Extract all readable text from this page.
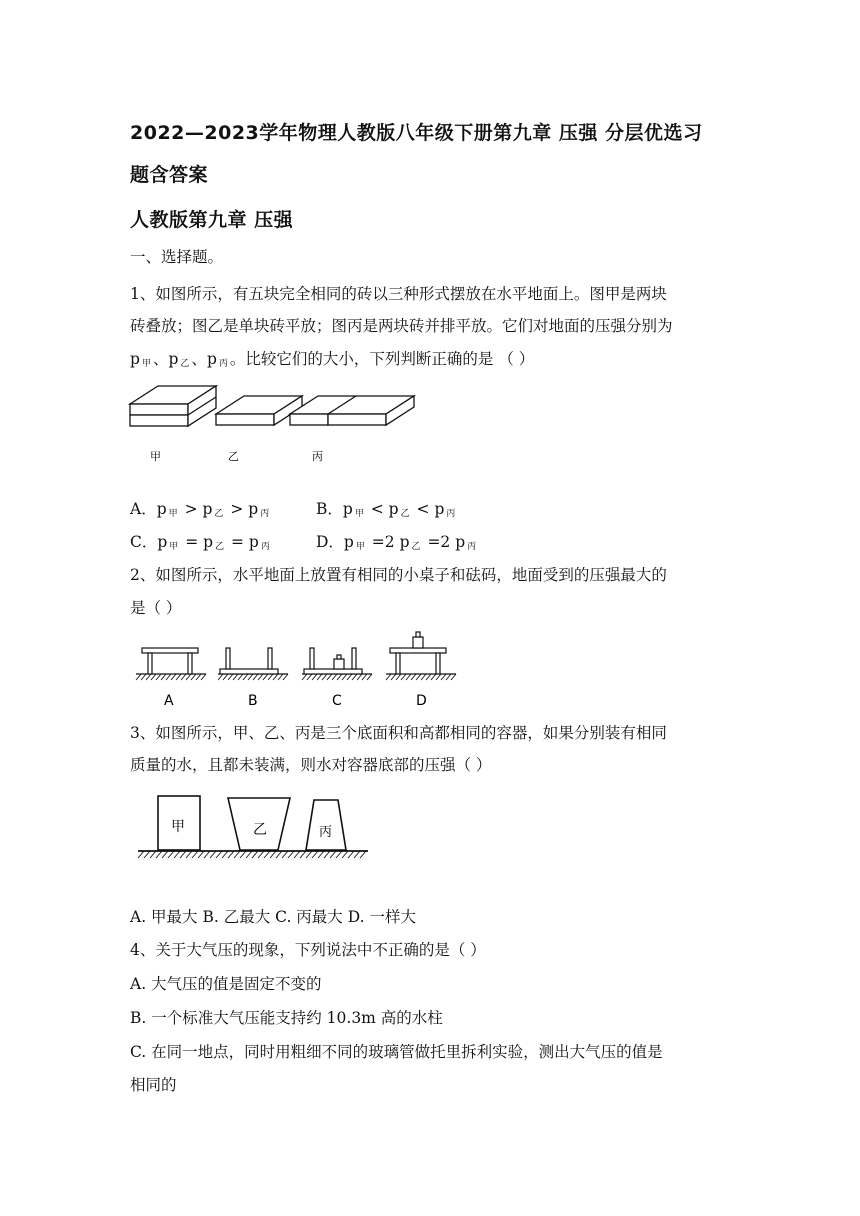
2022—2023学年物理人教版八年级下册第九章 压强 分层优选习
题含答案
人教版第九章 压强
一、选择题。
1、如图所示，有五块完全相同的砖以三种形式摆放在水平地面上。图甲是两块
砖叠放；图乙是单块砖平放；图丙是两块砖并排平放。它们对地面的压强分别为
p $_甲$ 、p $_乙$ 、p $_丙$ 。比较它们的大小，下列判断正确的是 （ ）
甲	乙	丙
A．p $_甲$ > p $_乙$ > p $_丙$	B．p $_甲$ < p $_乙$ < p $_丙$
C．p $_甲$ = p $_乙$ = p $_丙$	D．p $_甲$ =2 p $_乙$ =2 p $_丙$
2、如图所示，水平地面上放置有相同的小桌子和砝码，地面受到的压强最大的
是（ ）
A	B	C	D
3、如图所示，甲、乙、丙是三个底面积和高都相同的容器，如果分别装有相同
质量的水，且都未装满，则水对容器底部的压强（ ）
甲	乙	丙
A. 甲最大 B. 乙最大 C. 丙最大 D. 一样大
4、关于大气压的现象，下列说法中不正确的是（ ）
A. 大气压的值是固定不变的
B. 一个标准大气压能支持约 10.3m 高的水柱
C. 在同一地点，同时用粗细不同的玻璃管做托里拆利实验，测出大气压的值是
相同的
